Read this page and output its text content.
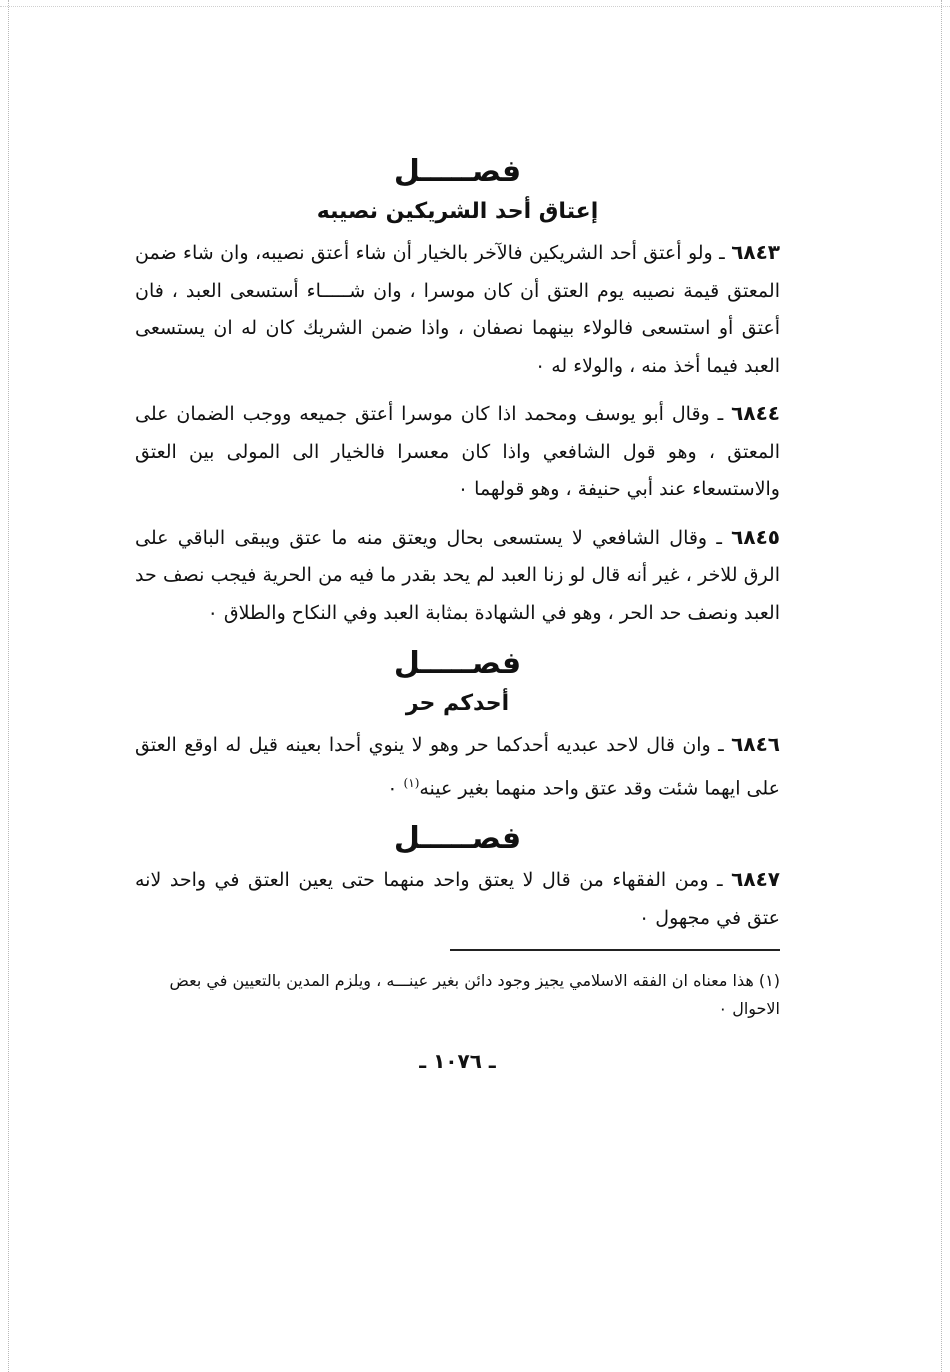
فصـــــل

إعتاق أحد الشريكين نصيبه

٦٨٤٣ ـ ولو أعتق أحد الشريكين فالآخر بالخيار أن شاء أعتق نصيبه، وان شاء ضمن المعتق قيمة نصيبه يوم العتق أن كان موسرا ، وان شـــــاء أستسعى العبد ، فان أعتق أو استسعى فالولاء بينهما نصفان ، واذا ضمن الشريك كان له ان يستسعى العبد فيما أخذ منه ، والولاء له ٠

٦٨٤٤ ـ وقال أبو يوسف ومحمد اذا كان موسرا أعتق جميعه ووجب الضمان على المعتق ، وهو قول الشافعي واذا كان معسرا فالخيار الى المولى بين العتق والاستسعاء عند أبي حنيفة ، وهو قولهما ٠

٦٨٤٥ ـ وقال الشافعي لا يستسعى بحال ويعتق منه ما عتق ويبقى الباقي على الرق للاخر ، غير أنه قال لو زنا العبد لم يحد بقدر ما فيه من الحرية فيجب نصف حد العبد ونصف حد الحر ، وهو في الشهادة بمثابة العبد وفي النكاح والطلاق ٠

فصـــــل

أحدكم حر

٦٨٤٦ ـ وان قال لاحد عبديه أحدكما حر وهو لا ينوي أحدا بعينه قيل له اوقع العتق على ايهما شئت وقد عتق واحد منهما بغير عينه$^{(١)}$ ٠

فصـــــل

٦٨٤٧ ـ ومن الفقهاء من قال لا يعتق واحد منهما حتى يعين العتق في واحد لانه عتق في مجهول ٠

(١) هذا معناه ان الفقه الاسلامي يجيز وجود دائن بغير عينـــه ، ويلزم المدين بالتعيين في بعض الاحوال ٠

ـ ١٠٧٦ ـ
